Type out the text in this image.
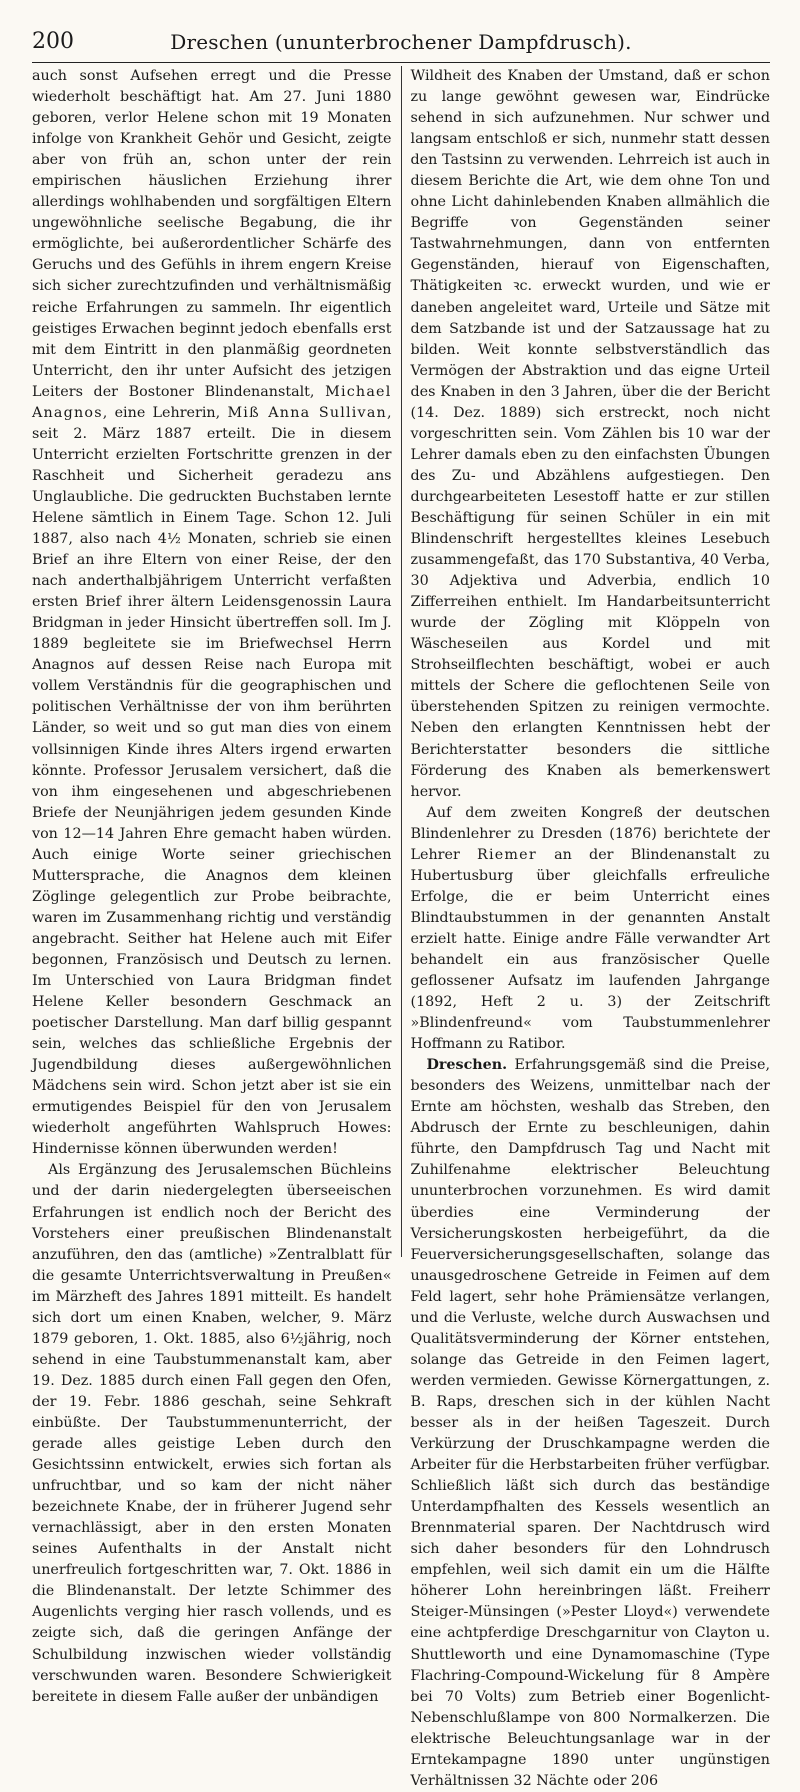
200	Dreschen (ununterbrochener Dampfdrusch).

auch sonst Aufsehen erregt und die Presse wiederholt beschäftigt hat. Am 27. Juni 1880 geboren, verlor Helene schon mit 19 Monaten infolge von Krankheit Gehör und Gesicht, zeigte aber von früh an, schon unter der rein empirischen häuslichen Erziehung ihrer allerdings wohlhabenden und sorgfältigen Eltern ungewöhnliche seelische Begabung, die ihr ermöglichte, bei außerordentlicher Schärfe des Geruchs und des Gefühls in ihrem engern Kreise sich sicher zurechtzufinden und verhältnismäßig reiche Erfahrungen zu sammeln. Ihr eigentlich geistiges Erwachen beginnt jedoch ebenfalls erst mit dem Eintritt in den planmäßig geordneten Unterricht, den ihr unter Aufsicht des jetzigen Leiters der Bostoner Blindenanstalt, Michael Anagnos, eine Lehrerin, Miß Anna Sullivan, seit 2. März 1887 erteilt. Die in diesem Unterricht erzielten Fortschritte grenzen in der Raschheit und Sicherheit geradezu ans Unglaubliche. Die gedruckten Buchstaben lernte Helene sämtlich in Einem Tage. Schon 12. Juli 1887, also nach 4½ Monaten, schrieb sie einen Brief an ihre Eltern von einer Reise, der den nach anderthalbjährigem Unterricht verfaßten ersten Brief ihrer ältern Leidensgenossin Laura Bridgman in jeder Hinsicht übertreffen soll. Im J. 1889 begleitete sie im Briefwechsel Herrn Anagnos auf dessen Reise nach Europa mit vollem Verständnis für die geographischen und politischen Verhältnisse der von ihm berührten Länder, so weit und so gut man dies von einem vollsinnigen Kinde ihres Alters irgend erwarten könnte. Professor Jerusalem versichert, daß die von ihm eingesehenen und abgeschriebenen Briefe der Neunjährigen jedem gesunden Kinde von 12—14 Jahren Ehre gemacht haben würden. Auch einige Worte seiner griechischen Muttersprache, die Anagnos dem kleinen Zöglinge gelegentlich zur Probe beibrachte, waren im Zusammenhang richtig und verständig angebracht. Seither hat Helene auch mit Eifer begonnen, Französisch und Deutsch zu lernen. Im Unterschied von Laura Bridgman findet Helene Keller besondern Geschmack an poetischer Darstellung. Man darf billig gespannt sein, welches das schließliche Ergebnis der Jugendbildung dieses außergewöhnlichen Mädchens sein wird. Schon jetzt aber ist sie ein ermutigendes Beispiel für den von Jerusalem wiederholt angeführten Wahlspruch Howes: Hindernisse können überwunden werden!

Als Ergänzung des Jerusalemschen Büchleins und der darin niedergelegten überseeischen Erfahrungen ist endlich noch der Bericht des Vorstehers einer preußischen Blindenanstalt anzuführen, den das (amtliche) »Zentralblatt für die gesamte Unterrichtsverwaltung in Preußen« im Märzheft des Jahres 1891 mitteilt. Es handelt sich dort um einen Knaben, welcher, 9. März 1879 geboren, 1. Okt. 1885, also 6½jährig, noch sehend in eine Taubstummenanstalt kam, aber 19. Dez. 1885 durch einen Fall gegen den Ofen, der 19. Febr. 1886 geschah, seine Sehkraft einbüßte. Der Taubstummenunterricht, der gerade alles geistige Leben durch den Gesichtssinn entwickelt, erwies sich fortan als unfruchtbar, und so kam der nicht näher bezeichnete Knabe, der in früherer Jugend sehr vernachlässigt, aber in den ersten Monaten seines Aufenthalts in der Anstalt nicht unerfreulich fortgeschritten war, 7. Okt. 1886 in die Blindenanstalt. Der letzte Schimmer des Augenlichts verging hier rasch vollends, und es zeigte sich, daß die geringen Anfänge der Schulbildung inzwischen wieder vollständig verschwunden waren. Besondere Schwierigkeit bereitete in diesem Falle außer der unbändigen

Wildheit des Knaben der Umstand, daß er schon zu lange gewöhnt gewesen war, Eindrücke sehend in sich aufzunehmen. Nur schwer und langsam entschloß er sich, nunmehr statt dessen den Tastsinn zu verwenden. Lehrreich ist auch in diesem Berichte die Art, wie dem ohne Ton und ohne Licht dahinlebenden Knaben allmählich die Begriffe von Gegenständen seiner Tastwahrnehmungen, dann von entfernten Gegenständen, hierauf von Eigenschaften, Thätigkeiten ꝛc. erweckt wurden, und wie er daneben angeleitet ward, Urteile und Sätze mit dem Satzbande ist und der Satzaussage hat zu bilden. Weit konnte selbstverständlich das Vermögen der Abstraktion und das eigne Urteil des Knaben in den 3 Jahren, über die der Bericht (14. Dez. 1889) sich erstreckt, noch nicht vorgeschritten sein. Vom Zählen bis 10 war der Lehrer damals eben zu den einfachsten Übungen des Zu- und Abzählens aufgestiegen. Den durchgearbeiteten Lesestoff hatte er zur stillen Beschäftigung für seinen Schüler in ein mit Blindenschrift hergestelltes kleines Lesebuch zusammengefaßt, das 170 Substantiva, 40 Verba, 30 Adjektiva und Adverbia, endlich 10 Zifferreihen enthielt. Im Handarbeitsunterricht wurde der Zögling mit Klöppeln von Wäscheseilen aus Kordel und mit Strohseilflechten beschäftigt, wobei er auch mittels der Schere die geflochtenen Seile von überstehenden Spitzen zu reinigen vermochte. Neben den erlangten Kenntnissen hebt der Berichterstatter besonders die sittliche Förderung des Knaben als bemerkenswert hervor.

Auf dem zweiten Kongreß der deutschen Blindenlehrer zu Dresden (1876) berichtete der Lehrer Riemer an der Blindenanstalt zu Hubertusburg über gleichfalls erfreuliche Erfolge, die er beim Unterricht eines Blindtaubstummen in der genannten Anstalt erzielt hatte. Einige andre Fälle verwandter Art behandelt ein aus französischer Quelle geflossener Aufsatz im laufenden Jahrgange (1892, Heft 2 u. 3) der Zeitschrift »Blindenfreund« vom Taubstummenlehrer Hoffmann zu Ratibor.

Dreschen. Erfahrungsgemäß sind die Preise, besonders des Weizens, unmittelbar nach der Ernte am höchsten, weshalb das Streben, den Abdrusch der Ernte zu beschleunigen, dahin führte, den Dampfdrusch Tag und Nacht mit Zuhilfenahme elektrischer Beleuchtung ununterbrochen vorzunehmen. Es wird damit überdies eine Verminderung der Versicherungskosten herbeigeführt, da die Feuerversicherungsgesellschaften, solange das unausgedroschene Getreide in Feimen auf dem Feld lagert, sehr hohe Prämiensätze verlangen, und die Verluste, welche durch Auswachsen und Qualitätsverminderung der Körner entstehen, solange das Getreide in den Feimen lagert, werden vermieden. Gewisse Körnergattungen, z. B. Raps, dreschen sich in der kühlen Nacht besser als in der heißen Tageszeit. Durch Verkürzung der Druschkampagne werden die Arbeiter für die Herbstarbeiten früher verfügbar. Schließlich läßt sich durch das beständige Unterdampfhalten des Kessels wesentlich an Brennmaterial sparen. Der Nachtdrusch wird sich daher besonders für den Lohndrusch empfehlen, weil sich damit ein um die Hälfte höherer Lohn hereinbringen läßt. Freiherr Steiger-Münsingen (»Pester Lloyd«) verwendete eine achtpferdige Dreschgarnitur von Clayton u. Shuttleworth und eine Dynamomaschine (Type Flachring-Compound-Wickelung für 8 Ampère bei 70 Volts) zum Betrieb einer Bogenlicht-Nebenschlußlampe von 800 Normalkerzen. Die elektrische Beleuchtungsanlage war in der Erntekampagne 1890 unter ungünstigen Verhältnissen 32 Nächte oder 206
